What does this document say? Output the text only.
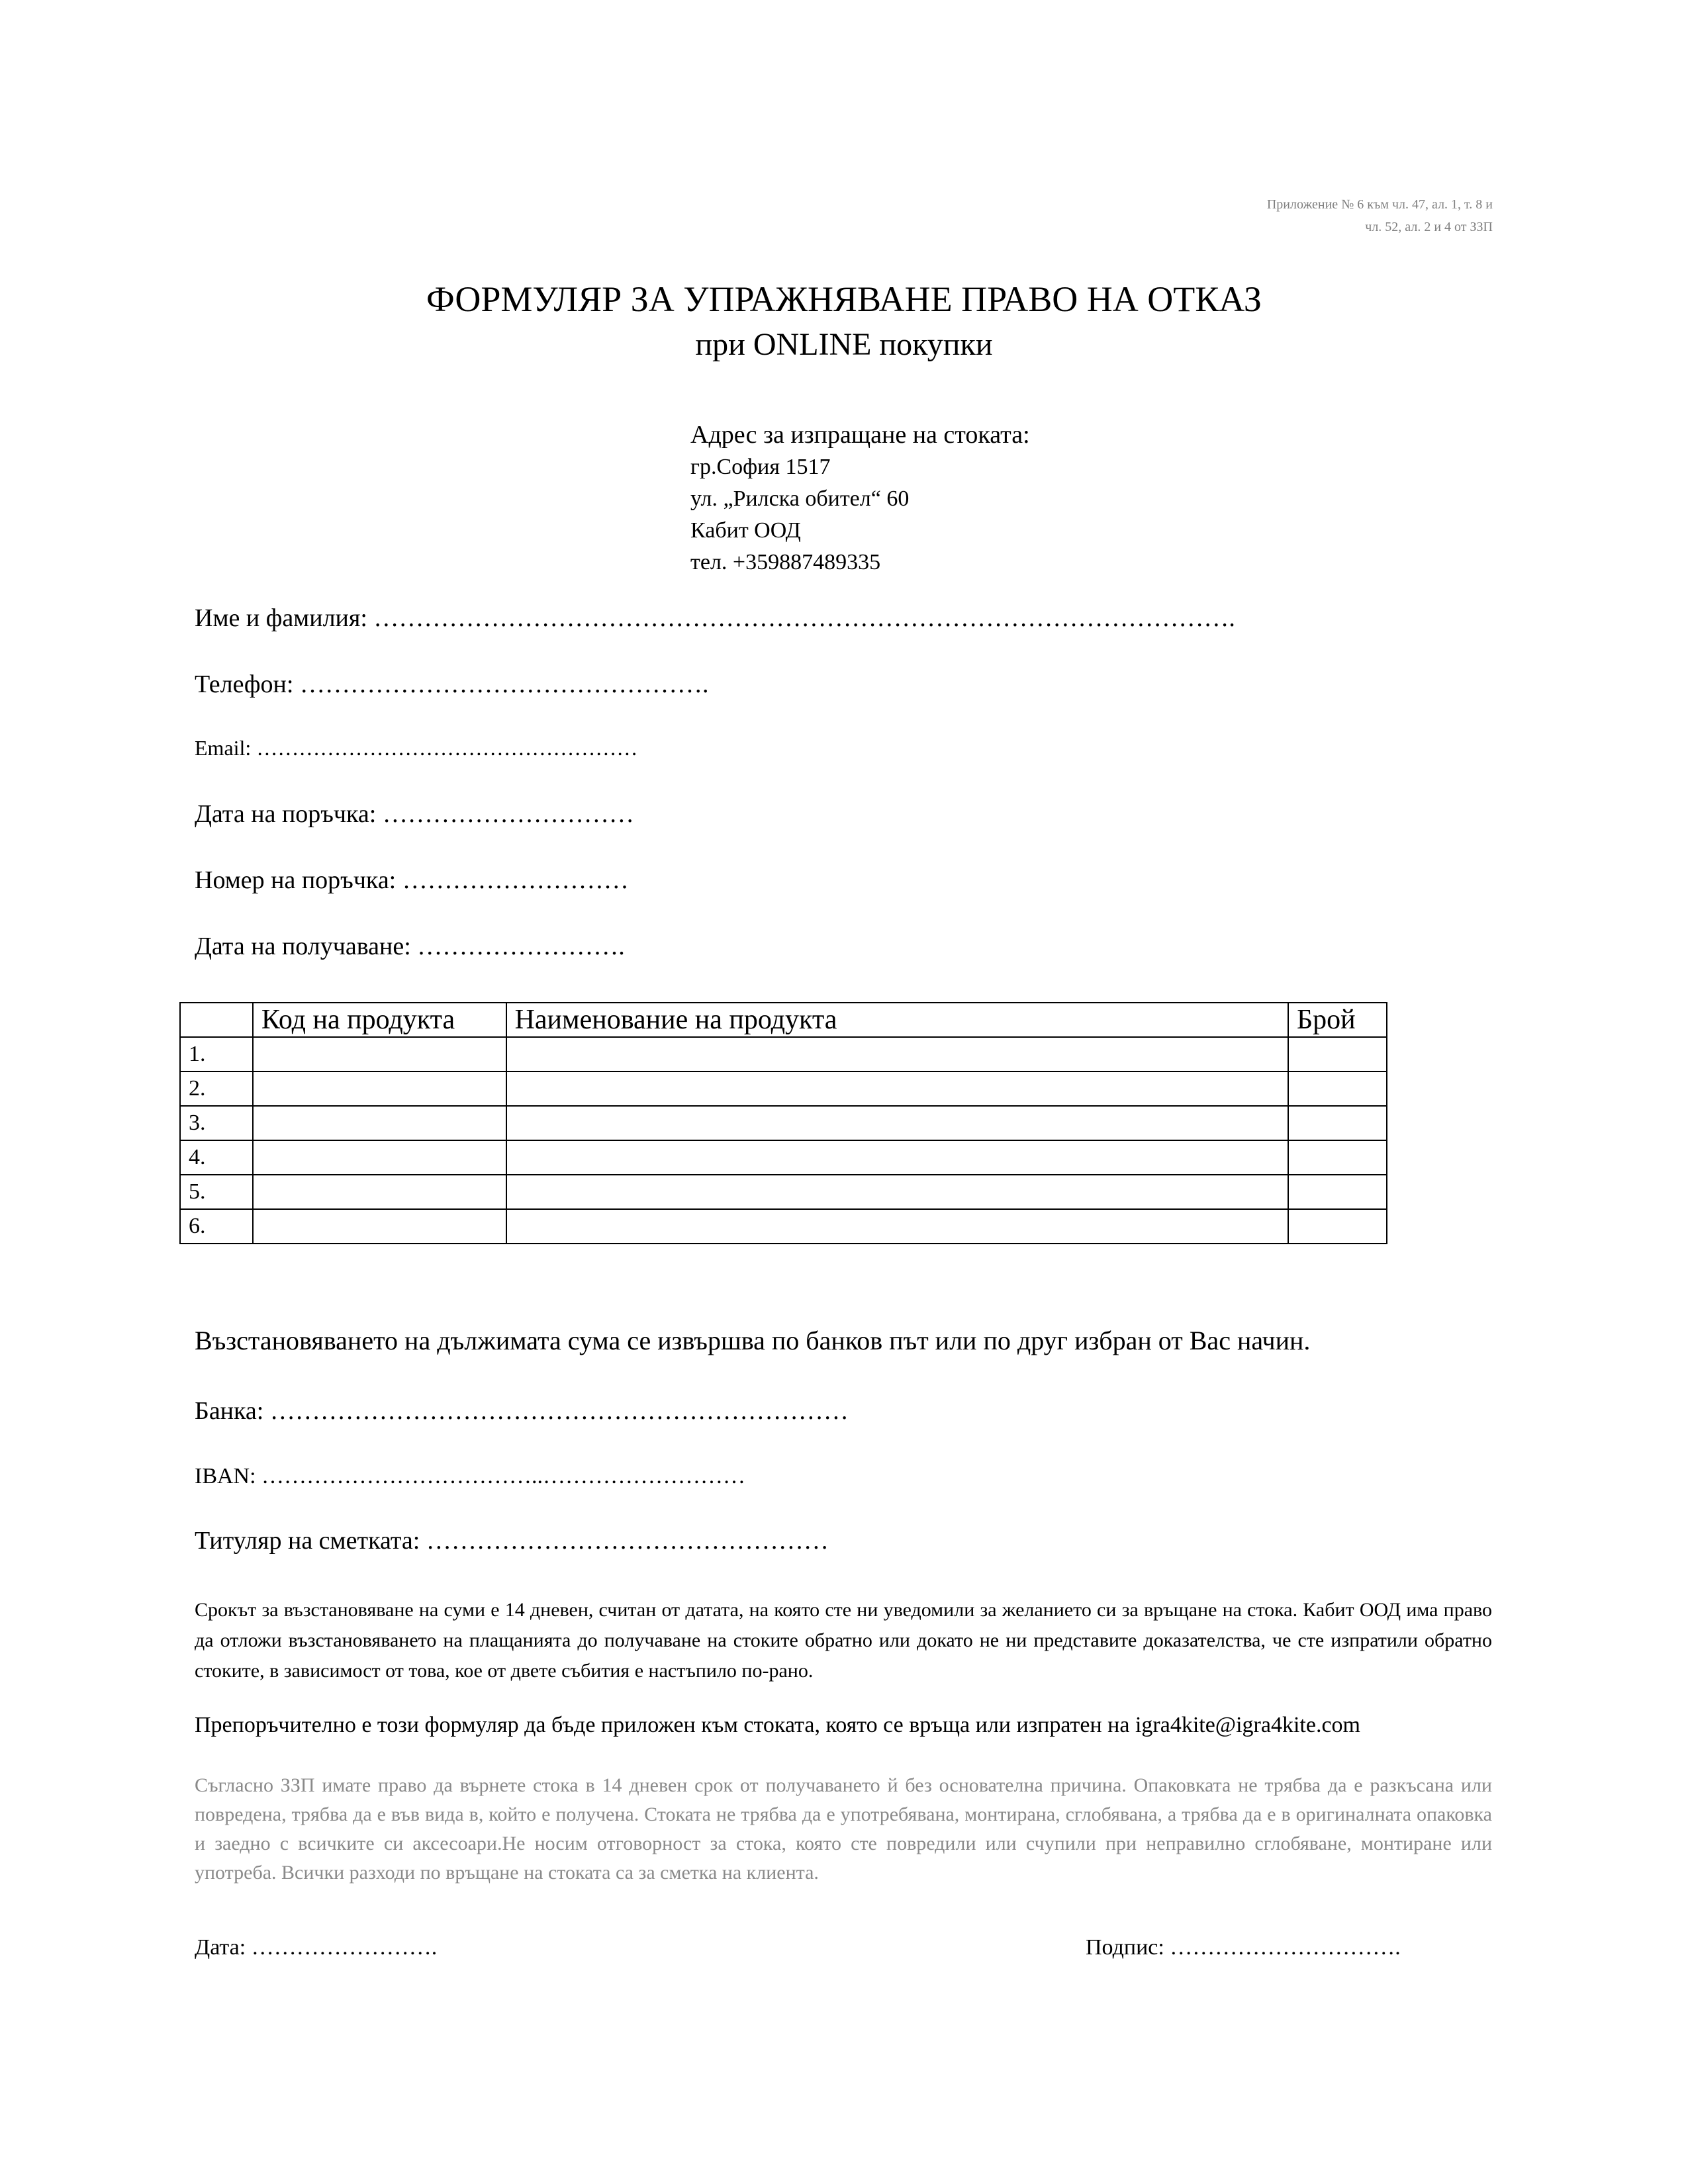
Приложение № 6 към чл. 47, ал. 1, т. 8 и
чл. 52, ал. 2 и 4 от ЗЗП
ФОРМУЛЯР ЗА УПРАЖНЯВАНЕ ПРАВО НА ОТКАЗ
при ONLINE покупки
Адрес за изпращане на стоката:
гр.София 1517
ул. „Рилска обител“ 60
Кабит ООД
тел. +359887489335
Име и фамилия: ………………………………………………………………………………………….
Телефон: ………………………………………….
Email: ………………………………………………
Дата на поръчка: …………………………
Номер на поръчка: ………………………
Дата на получаване: …………………….
	Код на продукта	Наименование на продукта	Брой
1.			
2.			
3.			
4.			
5.			
6.			
Възстановяването на дължимата сума се извършва по банков път или по друг избран от Вас начин.
Банка: ……………………………………………………………
IBAN: ………………………………..………………………
Титуляр на сметката: …………………………………………
Срокът за възстановяване на суми е 14 дневен, считан от датата, на която сте ни уведомили за желанието си за връщане на стока. Кабит ООД има право да отложи възстановяването на плащанията до получаване на стоките обратно или докато не ни представите доказателства, че сте изпратили обратно стоките, в зависимост от това, кое от двете събития е настъпило по-рано.
Препоръчително е този формуляр да бъде приложен към стоката, която се връща или изпратен на igra4kite@igra4kite.com
Съгласно ЗЗП имате право да върнете стока в 14 дневен срок от получаването й без основателна причина. Опаковката не трябва да е разкъсана или повредена, трябва да е във вида в, който е получена. Стоката не трябва да е употребявана, монтирана, сглобявана, а трябва да е в оригиналната опаковка и заедно с всичките си аксесоари.Не носим отговорност за стока, която сте повредили или счупили при неправилно сглобяване, монтиране или употреба. Всички разходи по връщане на стоката са за сметка на клиента.
Дата: …………………….	Подпис: ………………………….
